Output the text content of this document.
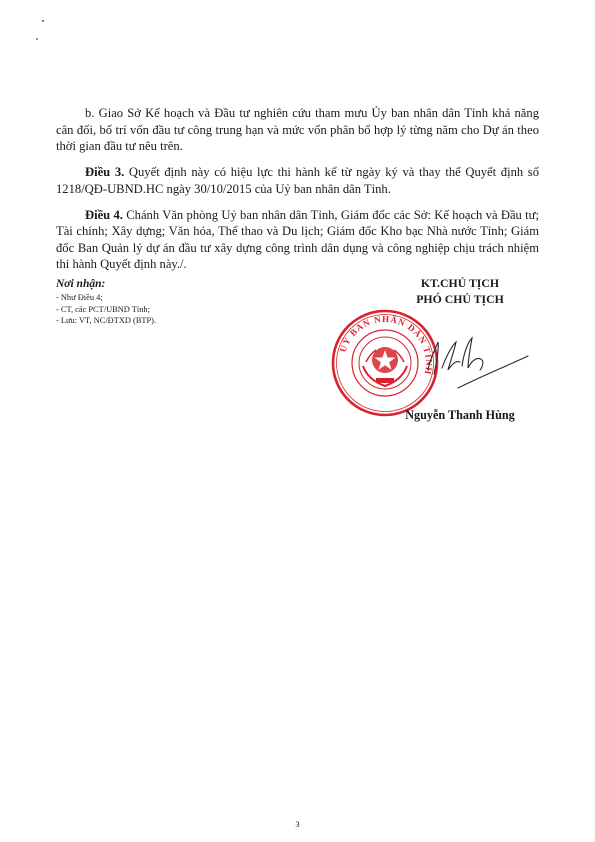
b. Giao Sở Kế hoạch và Đầu tư nghiên cứu tham mưu Ủy ban nhân dân Tỉnh khả năng cân đối, bố trí vốn đầu tư công trung hạn và mức vốn phân bổ hợp lý từng năm cho Dự án theo thời gian đầu tư nêu trên.

Điều 3. Quyết định này có hiệu lực thi hành kể từ ngày ký và thay thế Quyết định số 1218/QĐ-UBND.HC ngày 30/10/2015 của Uỷ ban nhân dân Tỉnh.

Điều 4. Chánh Văn phòng Uỷ ban nhân dân Tỉnh, Giám đốc các Sở: Kế hoạch và Đầu tư; Tài chính; Xây dựng; Văn hóa, Thể thao và Du lịch; Giám đốc Kho bạc Nhà nước Tỉnh; Giám đốc Ban Quản lý dự án đầu tư xây dựng công trình dân dụng và công nghiệp chịu trách nhiệm thi hành Quyết định này./.

Nơi nhận:
- Như Điều 4;
- CT, các PCT/UBND Tỉnh;
- Lưu: VT, NC/ĐTXD (BTP).
KT.CHỦ TỊCH
PHÓ CHỦ TỊCH
UỶ BAN NHÂN DÂN TỈNH
Nguyễn Thanh Hùng
3
